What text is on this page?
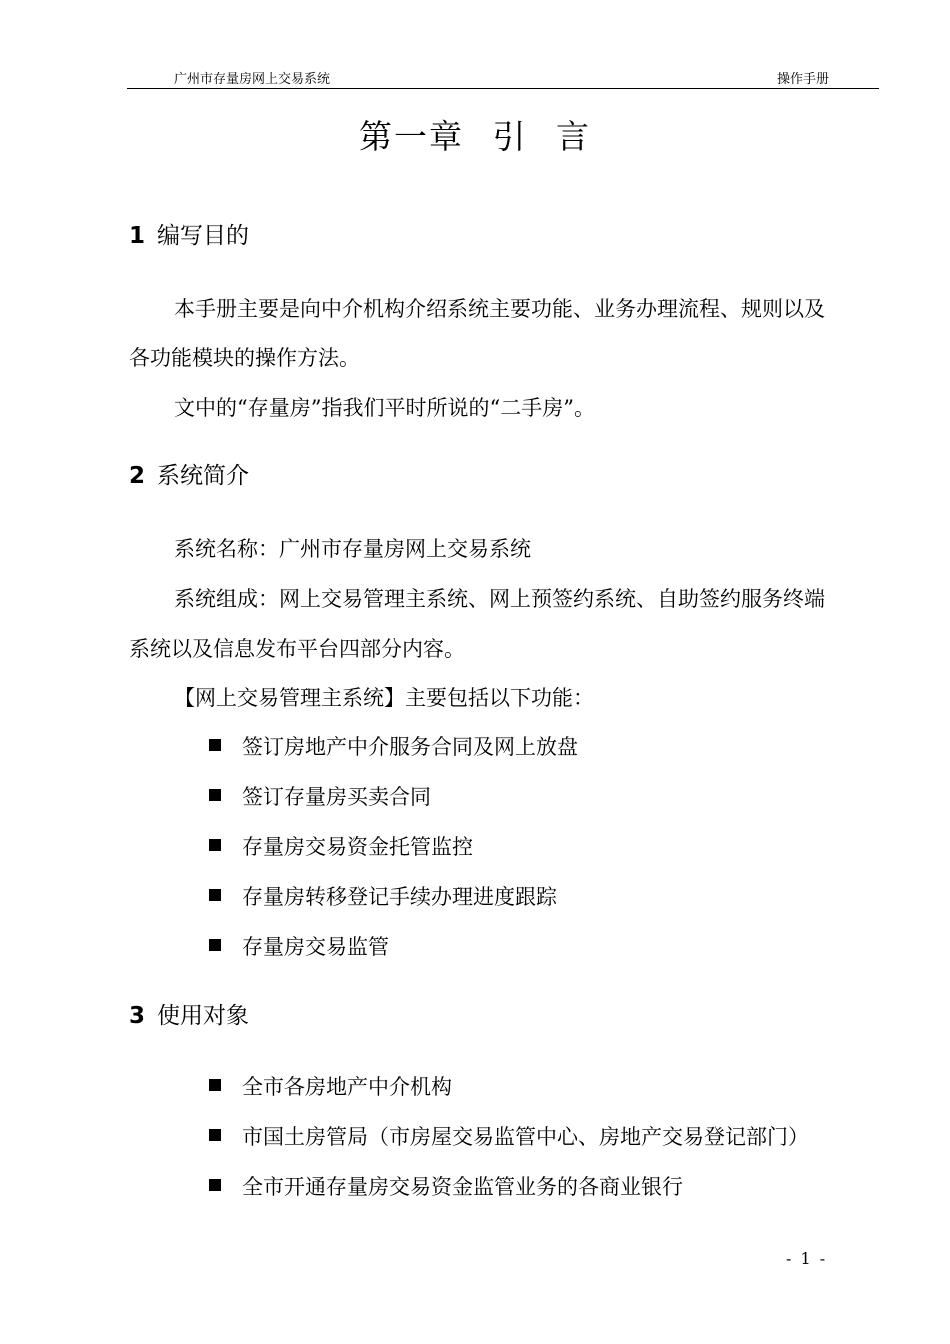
广州市存量房网上交易系统	操作手册
第一章 引 言
1 编写目的
本手册主要是向中介机构介绍系统主要功能、业务办理流程、规则以及
各功能模块的操作方法。
文中的“存量房”指我们平时所说的“二手房”。
2 系统简介
系统名称：广州市存量房网上交易系统
系统组成：网上交易管理主系统、网上预签约系统、自助签约服务终端
系统以及信息发布平台四部分内容。
【网上交易管理主系统】主要包括以下功能：
签订房地产中介服务合同及网上放盘
签订存量房买卖合同
存量房交易资金托管监控
存量房转移登记手续办理进度跟踪
存量房交易监管
3 使用对象
全市各房地产中介机构
市国土房管局（市房屋交易监管中心、房地产交易登记部门）
全市开通存量房交易资金监管业务的各商业银行
- 1 -
